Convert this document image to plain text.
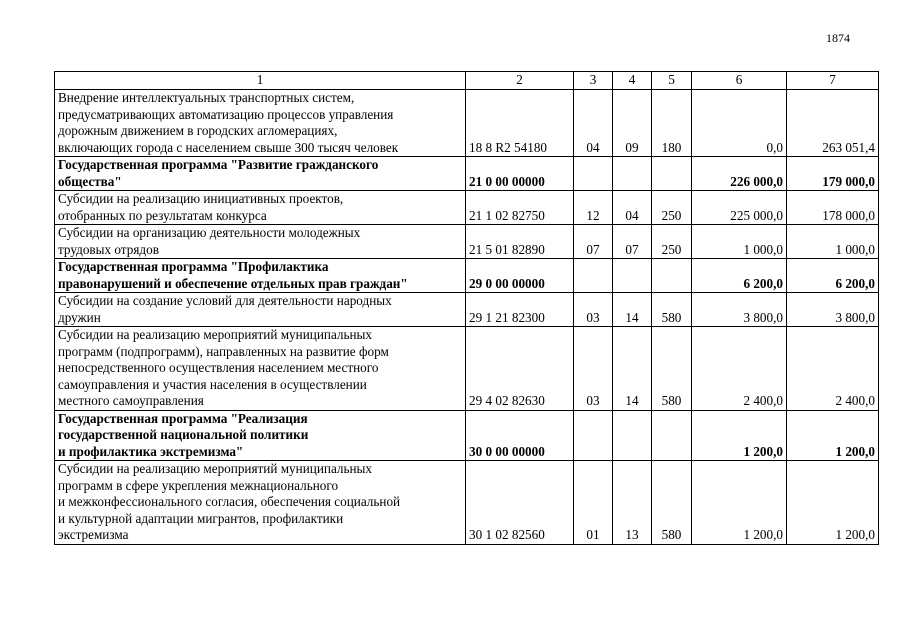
1874
1	2	3	4	5	6	7
Внедрение интеллектуальных транспортных систем,
предусматривающих автоматизацию процессов управления
дорожным движением в городских агломерациях,
включающих города с населением свыше 300 тысяч человек	18 8 R2 54180	04	09	180	0,0	263 051,4
Государственная программа "Развитие гражданского
общества"	21 0 00 00000				226 000,0	179 000,0
Субсидии на реализацию инициативных проектов,
отобранных по результатам конкурса	21 1 02 82750	12	04	250	225 000,0	178 000,0
Субсидии на организацию деятельности молодежных
трудовых отрядов	21 5 01 82890	07	07	250	1 000,0	1 000,0
Государственная программа "Профилактика
правонарушений и обеспечение отдельных прав граждан"	29 0 00 00000				6 200,0	6 200,0
Субсидии на создание условий для деятельности народных
дружин	29 1 21 82300	03	14	580	3 800,0	3 800,0
Субсидии на реализацию мероприятий муниципальных
программ (подпрограмм), направленных на развитие форм
непосредственного осуществления населением местного
самоуправления и участия населения в осуществлении
местного самоуправления	29 4 02 82630	03	14	580	2 400,0	2 400,0
Государственная программа "Реализация
государственной национальной политики
и профилактика экстремизма"	30 0 00 00000				1 200,0	1 200,0
Субсидии на реализацию мероприятий муниципальных
программ в сфере укрепления межнационального
и межконфессионального согласия, обеспечения социальной
и культурной адаптации мигрантов, профилактики
экстремизма	30 1 02 82560	01	13	580	1 200,0	1 200,0
